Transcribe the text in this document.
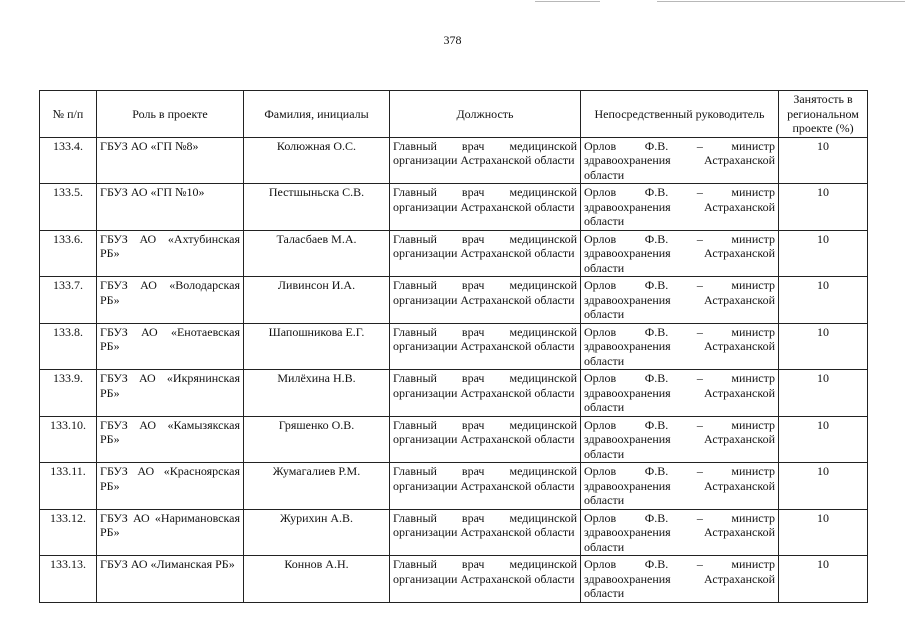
378
№ п/п	Роль в проекте	Фамилия, инициалы	Должность	Непосредственный руководитель	Занятость в региональном проекте (%)
133.4.	ГБУЗ АО «ГП №8»	Колюжная О.С.	Главный врач медицинской организации Астраханской области	Орлов Ф.В. – министр здравоохранения Астраханской области	10
133.5.	ГБУЗ АО «ГП №10»	Пестшыньска С.В.	Главный врач медицинской организации Астраханской области	Орлов Ф.В. – министр здравоохранения Астраханской области	10
133.6.	ГБУЗ АО «Ахтубинская РБ»	Таласбаев М.А.	Главный врач медицинской организации Астраханской области	Орлов Ф.В. – министр здравоохранения Астраханской области	10
133.7.	ГБУЗ АО «Володарская РБ»	Ливинсон И.А.	Главный врач медицинской организации Астраханской области	Орлов Ф.В. – министр здравоохранения Астраханской области	10
133.8.	ГБУЗ АО «Енотаевская РБ»	Шапошникова Е.Г.	Главный врач медицинской организации Астраханской области	Орлов Ф.В. – министр здравоохранения Астраханской области	10
133.9.	ГБУЗ АО «Икрянинская РБ»	Милёхина Н.В.	Главный врач медицинской организации Астраханской области	Орлов Ф.В. – министр здравоохранения Астраханской области	10
133.10.	ГБУЗ АО «Камызякская РБ»	Гряшенко О.В.	Главный врач медицинской организации Астраханской области	Орлов Ф.В. – министр здравоохранения Астраханской области	10
133.11.	ГБУЗ АО «Красноярская РБ»	Жумагалиев Р.М.	Главный врач медицинской организации Астраханской области	Орлов Ф.В. – министр здравоохранения Астраханской области	10
133.12.	ГБУЗ АО «Наримановская РБ»	Журихин А.В.	Главный врач медицинской организации Астраханской области	Орлов Ф.В. – министр здравоохранения Астраханской области	10
133.13.	ГБУЗ АО «Лиманская РБ»	Коннов А.Н.	Главный врач медицинской организации Астраханской области	Орлов Ф.В. – министр здравоохранения Астраханской области	10
